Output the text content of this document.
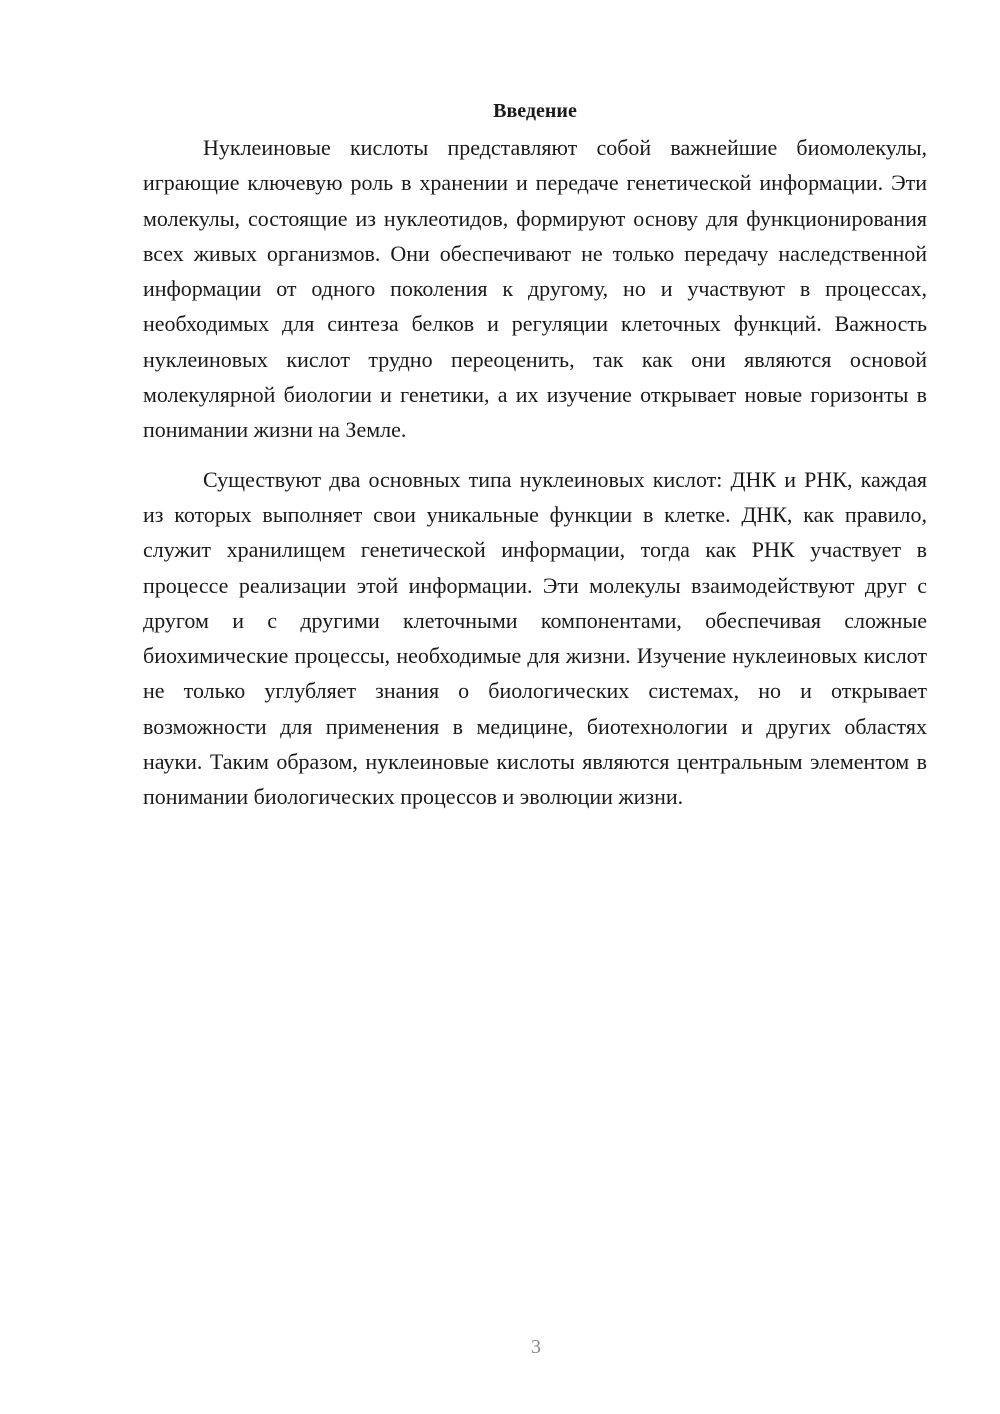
Введение

Нуклеиновые кислоты представляют собой важнейшие биомолекулы, играющие ключевую роль в хранении и передаче генетической информации. Эти молекулы, состоящие из нуклеотидов, формируют основу для функционирования всех живых организмов. Они обеспечивают не только передачу наследственной информации от одного поколения к другому, но и участвуют в процессах, необходимых для синтеза белков и регуляции клеточных функций. Важность нуклеиновых кислот трудно переоценить, так как они являются основой молекулярной биологии и генетики, а их изучение открывает новые горизонты в понимании жизни на Земле.

Существуют два основных типа нуклеиновых кислот: ДНК и РНК, каждая из которых выполняет свои уникальные функции в клетке. ДНК, как правило, служит хранилищем генетической информации, тогда как РНК участвует в процессе реализации этой информации. Эти молекулы взаимодействуют друг с другом и с другими клеточными компонентами, обеспечивая сложные биохимические процессы, необходимые для жизни. Изучение нуклеиновых кислот не только углубляет знания о биологических системах, но и открывает возможности для применения в медицине, биотехнологии и других областях науки. Таким образом, нуклеиновые кислоты являются центральным элементом в понимании биологических процессов и эволюции жизни.

3
